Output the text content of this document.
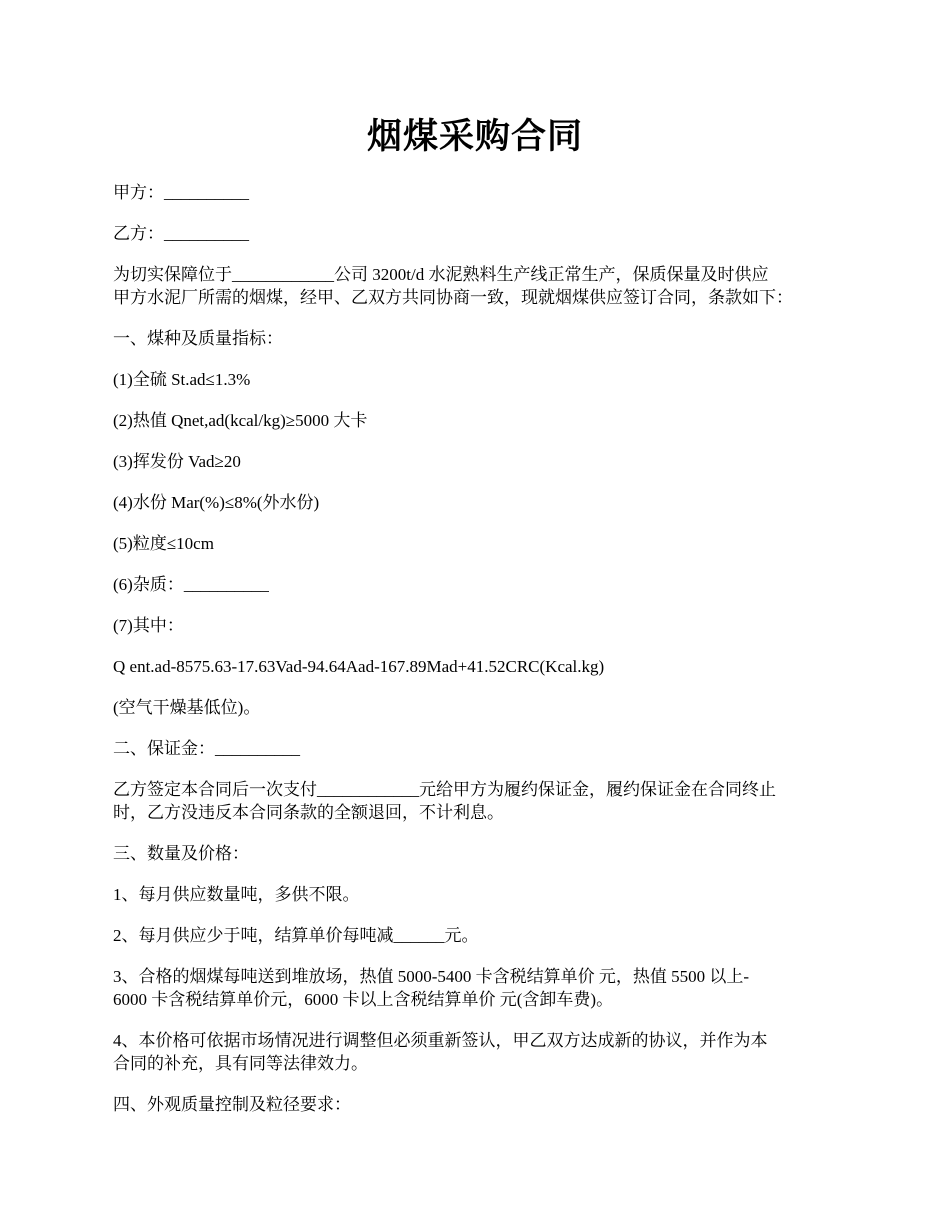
烟煤采购合同

甲方：__________

乙方：__________

为切实保障位于____________公司 3200t/d 水泥熟料生产线正常生产，保质保量及时供应
甲方水泥厂所需的烟煤，经甲、乙双方共同协商一致，现就烟煤供应签订合同，条款如下：

一、煤种及质量指标：

(1)全硫 St.ad≤1.3%

(2)热值 Qnet,ad(kcal/kg)≥5000 大卡

(3)挥发份 Vad≥20

(4)水份 Mar(%)≤8%(外水份)

(5)粒度≤10cm

(6)杂质：__________

(7)其中：

Q ent.ad-8575.63-17.63Vad-94.64Aad-167.89Mad+41.52CRC(Kcal.kg)

(空气干燥基低位)。

二、保证金：__________

乙方签定本合同后一次支付____________元给甲方为履约保证金，履约保证金在合同终止
时，乙方没违反本合同条款的全额退回，不计利息。

三、数量及价格：

1、每月供应数量吨，多供不限。

2、每月供应少于吨，结算单价每吨减______元。

3、合格的烟煤每吨送到堆放场，热值 5000-5400 卡含税结算单价 元，热值 5500 以上-
6000 卡含税结算单价元，6000 卡以上含税结算单价 元(含卸车费)。

4、本价格可依据市场情况进行调整但必须重新签认，甲乙双方达成新的协议，并作为本
合同的补充，具有同等法律效力。

四、外观质量控制及粒径要求：
